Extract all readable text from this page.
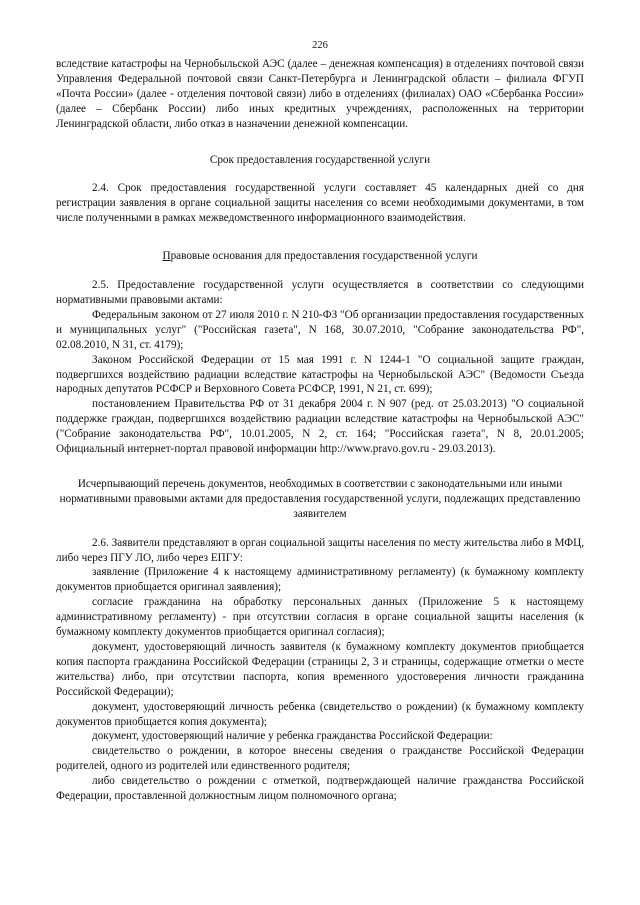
226

вследствие катастрофы на Чернобыльской АЭС (далее – денежная компенсация) в отделениях почтовой связи Управления Федеральной почтовой связи Санкт-Петербурга и Ленинградской области – филиала ФГУП «Почта России» (далее - отделения почтовой связи) либо в отделениях (филиалах) ОАО «Сбербанка России» (далее – Сбербанк России) либо иных кредитных учреждениях, расположенных на территории Ленинградской области, либо отказ в назначении денежной компенсации.

Срок предоставления государственной услуги

2.4. Срок предоставления государственной услуги составляет 45 календарных дней со дня регистрации заявления в органе социальной защиты населения со всеми необходимыми документами, в том числе полученными в рамках межведомственного информационного взаимодействия.

Правовые основания для предоставления государственной услуги

2.5. Предоставление государственной услуги осуществляется в соответствии со следующими нормативными правовыми актами:

Федеральным законом от 27 июля 2010 г. N 210-ФЗ "Об организации предоставления государственных и муниципальных услуг" ("Российская газета", N 168, 30.07.2010, "Собрание законодательства РФ", 02.08.2010, N 31, ст. 4179);

Законом Российской Федерации от 15 мая 1991 г. N 1244-1 "О социальной защите граждан, подвергшихся воздействию радиации вследствие катастрофы на Чернобыльской АЭС" (Ведомости Съезда народных депутатов РСФСР и Верховного Совета РСФСР, 1991, N 21, ст. 699);

постановлением Правительства РФ от 31 декабря 2004 г. N 907 (ред. от 25.03.2013) "О социальной поддержке граждан, подвергшихся воздействию радиации вследствие катастрофы на Чернобыльской АЭС" ("Собрание законодательства РФ", 10.01.2005, N 2, ст. 164; "Российская газета", N 8, 20.01.2005; Официальный интернет-портал правовой информации http://www.pravo.gov.ru - 29.03.2013).

Исчерпывающий перечень документов, необходимых в соответствии с законодательными или иными нормативными правовыми актами для предоставления государственной услуги, подлежащих представлению заявителем

2.6. Заявители представляют в орган социальной защиты населения по месту жительства либо в МФЦ, либо через ПГУ ЛО, либо через ЕПГУ:

заявление (Приложение 4 к настоящему административному регламенту) (к бумажному комплекту документов приобщается оригинал заявления);

согласие гражданина на обработку персональных данных (Приложение 5 к настоящему административному регламенту) - при отсутствии согласия в органе социальной защиты населения (к бумажному комплекту документов приобщается оригинал согласия);

документ, удостоверяющий личность заявителя (к бумажному комплекту документов приобщается копия паспорта гражданина Российской Федерации (страницы 2, 3 и страницы, содержащие отметки о месте жительства) либо, при отсутствии паспорта, копия временного удостоверения личности гражданина Российской Федерации);

документ, удостоверяющий личность ребенка (свидетельство о рождении) (к бумажному комплекту документов приобщается копия документа);

документ, удостоверяющий наличие у ребенка гражданства Российской Федерации:

свидетельство о рождении, в которое внесены сведения о гражданстве Российской Федерации родителей, одного из родителей или единственного родителя;

либо свидетельство о рождении с отметкой, подтверждающей наличие гражданства Российской Федерации, проставленной должностным лицом полномочного органа;
